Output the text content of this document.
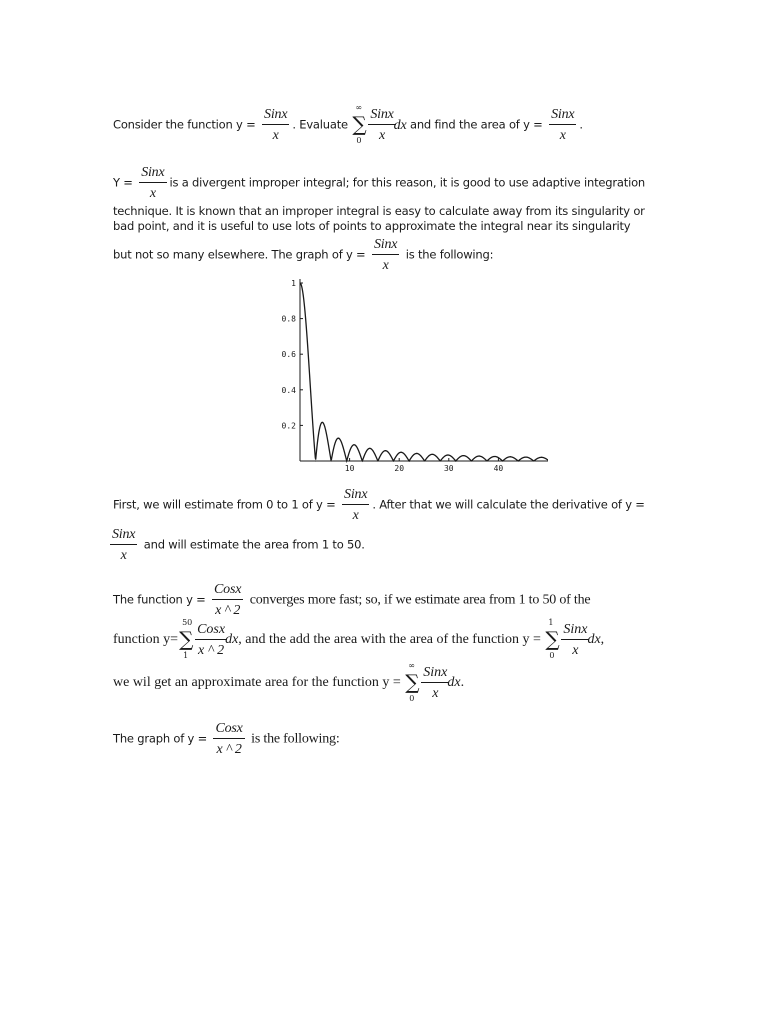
Consider the function $y = \frac{\text{Sinx}}{x}$ . Evaluate
∞
∑
$0 \frac{\text{Sinx}}{x}$
dx and find the area of $y = \frac{\text{Sinx}}{x}$ .
$Y = \frac{\text{Sinx}}{x}$ is a divergent improper integral; for this reason, it is good to use adaptive integration
technique. It is known that an improper integral is easy to calculate away from its singularity or
bad point, and it is useful to use lots of points to approximate the integral near its singularity
but not so many elsewhere. The graph of $y = \frac{\text{Sinx}}{x}$ is the following:
1
0.8
0.6
0.4
0.2
10	20	30	40
First, we will estimate from 0 to 1 of $y = \frac{\text{Sinx}}{x}$ . After that we will calculate the derivative of y =
$\frac{\text{Sinx}}{x}$ and will estimate the area from 1 to 50.
The function $y = \frac{\text{Cosx}}{x \^{} 2}$ converges more fast; so, if we estimate area from 1 to 50 of the
function y=
50
∑
$1 \frac{\text{Cosx}}{x \^{} 2}$
dx, and the add the area with the area of the function y =
1
∑
$0 \frac{\text{Sinx}}{x}$
dx,
we wil get an approximate area for the function y =
∞
∑
$0 \frac{\text{Sinx}}{x}$
dx.
The graph of $y = \frac{\text{Cosx}}{x \^{} 2}$ is the following:
